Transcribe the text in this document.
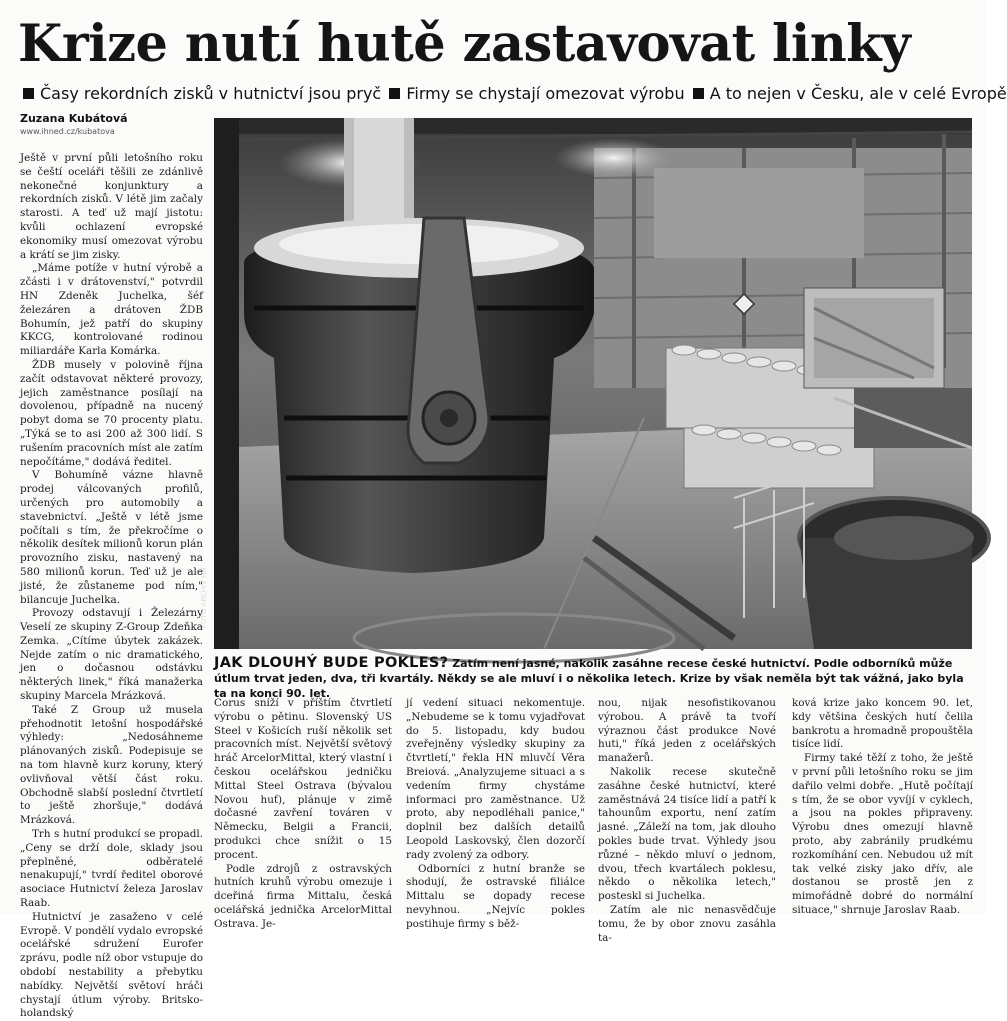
Krize nutí hutě zastavovat linky
Časy rekordních zisků v hutnictví jsou pryč Firmy se chystají omezovat výrobu A to nejen v Česku, ale v celé Evropě
Zuzana Kubátová
www.ihned.cz/kubatova
FOTO ARCHIV HN
JAK DLOUHÝ BUDE POKLES? Zatím není jasné, nakolik zasáhne recese české hutnictví. Podle odborníků může útlum trvat jeden, dva, tři kvartály. Někdy se ale mluví i o několika letech. Krize by však neměla být tak vážná, jako byla ta na konci 90. let.

Ještě v první půli letošního roku se čeští oceláři těšili ze zdánlivě nekonečné konjunktury a rekordních zisků. V létě jim začaly starosti. A teď už mají jistotu: kvůli ochlazení evropské ekonomiky musí omezovat výrobu a krátí se jim zisky.

„Máme potíže v hutní výrobě a zčásti i v drátovenství," potvrdil HN Zdeněk Juchelka, šéf železáren a drátoven ŽDB Bohumín, jež patří do skupiny KKCG, kontrolované rodinou miliardáře Karla Komárka.

ŽDB musely v polovině října začít odstavovat některé provozy, jejich zaměstnance posílají na dovolenou, případně na nucený pobyt doma se 70 procenty platu. „Týká se to asi 200 až 300 lidí. S rušením pracovních míst ale zatím nepočítáme," dodává ředitel.

V Bohumíně vázne hlavně prodej válcovaných profilů, určených pro automobily a stavebnictví. „Ještě v létě jsme počítali s tím, že překročíme o několik desítek milionů korun plán provozního zisku, nastavený na 580 milionů korun. Teď už je ale jisté, že zůstaneme pod ním," bilancuje Juchelka.

Provozy odstavují i Železárny Veselí ze skupiny Z-Group Zdeňka Zemka. „Cítíme úbytek zakázek. Nejde zatím o nic dramatického, jen o dočasnou odstávku některých linek," říká manažerka skupiny Marcela Mrázková.

Také Z Group už musela přehodnotit letošní hospodářské výhledy: „Nedosáhneme plánovaných zisků. Podepisuje se na tom hlavně kurz koruny, který ovlivňoval větší část roku. Obchodně slabší poslední čtvrtletí to ještě zhoršuje," dodává Mrázková.

Trh s hutní produkcí se propadl. „Ceny se drží dole, sklady jsou přeplněné, odběratelé nenakupují," tvrdí ředitel oborové asociace Hutnictví železa Jaroslav Raab.

Hutnictví je zasaženo v celé Evropě. V pondělí vydalo evropské ocelářské sdružení Eurofer zprávu, podle níž obor vstupuje do období nestability a přebytku nabídky. Největší světoví hráči chystají útlum výroby. Britsko-holandský

Corus sníží v příštím čtvrtletí výrobu o pětinu. Slovenský US Steel v Košicích ruší několik set pracovních míst. Největší světový hráč ArcelorMittal, který vlastní i českou ocelářskou jedničku Mittal Steel Ostrava (bývalou Novou huť), plánuje v zimě dočasné zavření továren v Německu, Belgii a Francii, produkci chce snížit o 15 procent.

Podle zdrojů z ostravských hutních kruhů výrobu omezuje i dceřiná firma Mittalu, česká ocelářská jednička ArcelorMittal Ostrava. Je-

jí vedení situaci nekomentuje. „Nebudeme se k tomu vyjadřovat do 5. listopadu, kdy budou zveřejněny výsledky skupiny za čtvrtletí," řekla HN mluvčí Věra Breiová. „Analyzujeme situaci a s vedením firmy chystáme informaci pro zaměstnance. Už proto, aby nepodléhali panice," doplnil bez dalších detailů Leopold Laskovský, člen dozorčí rady zvolený za odbory.

Odborníci z hutní branže se shodují, že ostravské filiálce Mittalu se dopady recese nevyhnou. „Nejvíc pokles postihuje firmy s běž-

nou, nijak nesofistikovanou výrobou. A právě ta tvoří výraznou část produkce Nové huti," říká jeden z ocelářských manažerů.

Nakolik recese skutečně zasáhne české hutnictví, které zaměstnává 24 tisíce lidí a patří k tahounům exportu, není zatím jasné. „Záleží na tom, jak dlouho pokles bude trvat. Výhledy jsou různé – někdo mluví o jednom, dvou, třech kvartálech poklesu, někdo o několika letech," posteskl si Juchelka.

Zatím ale nic nenasvědčuje tomu, že by obor znovu zasáhla ta-

ková krize jako koncem 90. let, kdy většina českých hutí čelila bankrotu a hromadně propouštěla tisíce lidí.

Firmy také těží z toho, že ještě v první půli letošního roku se jim dařilo velmi dobře. „Hutě počítají s tím, že se obor vyvíjí v cyklech, a jsou na pokles připraveny. Výrobu dnes omezují hlavně proto, aby zabránily prudkému rozkomíhání cen. Nebudou už mít tak velké zisky jako dřív, ale dostanou se prostě jen z mimořádně dobré do normální situace," shrnuje Jaroslav Raab.
